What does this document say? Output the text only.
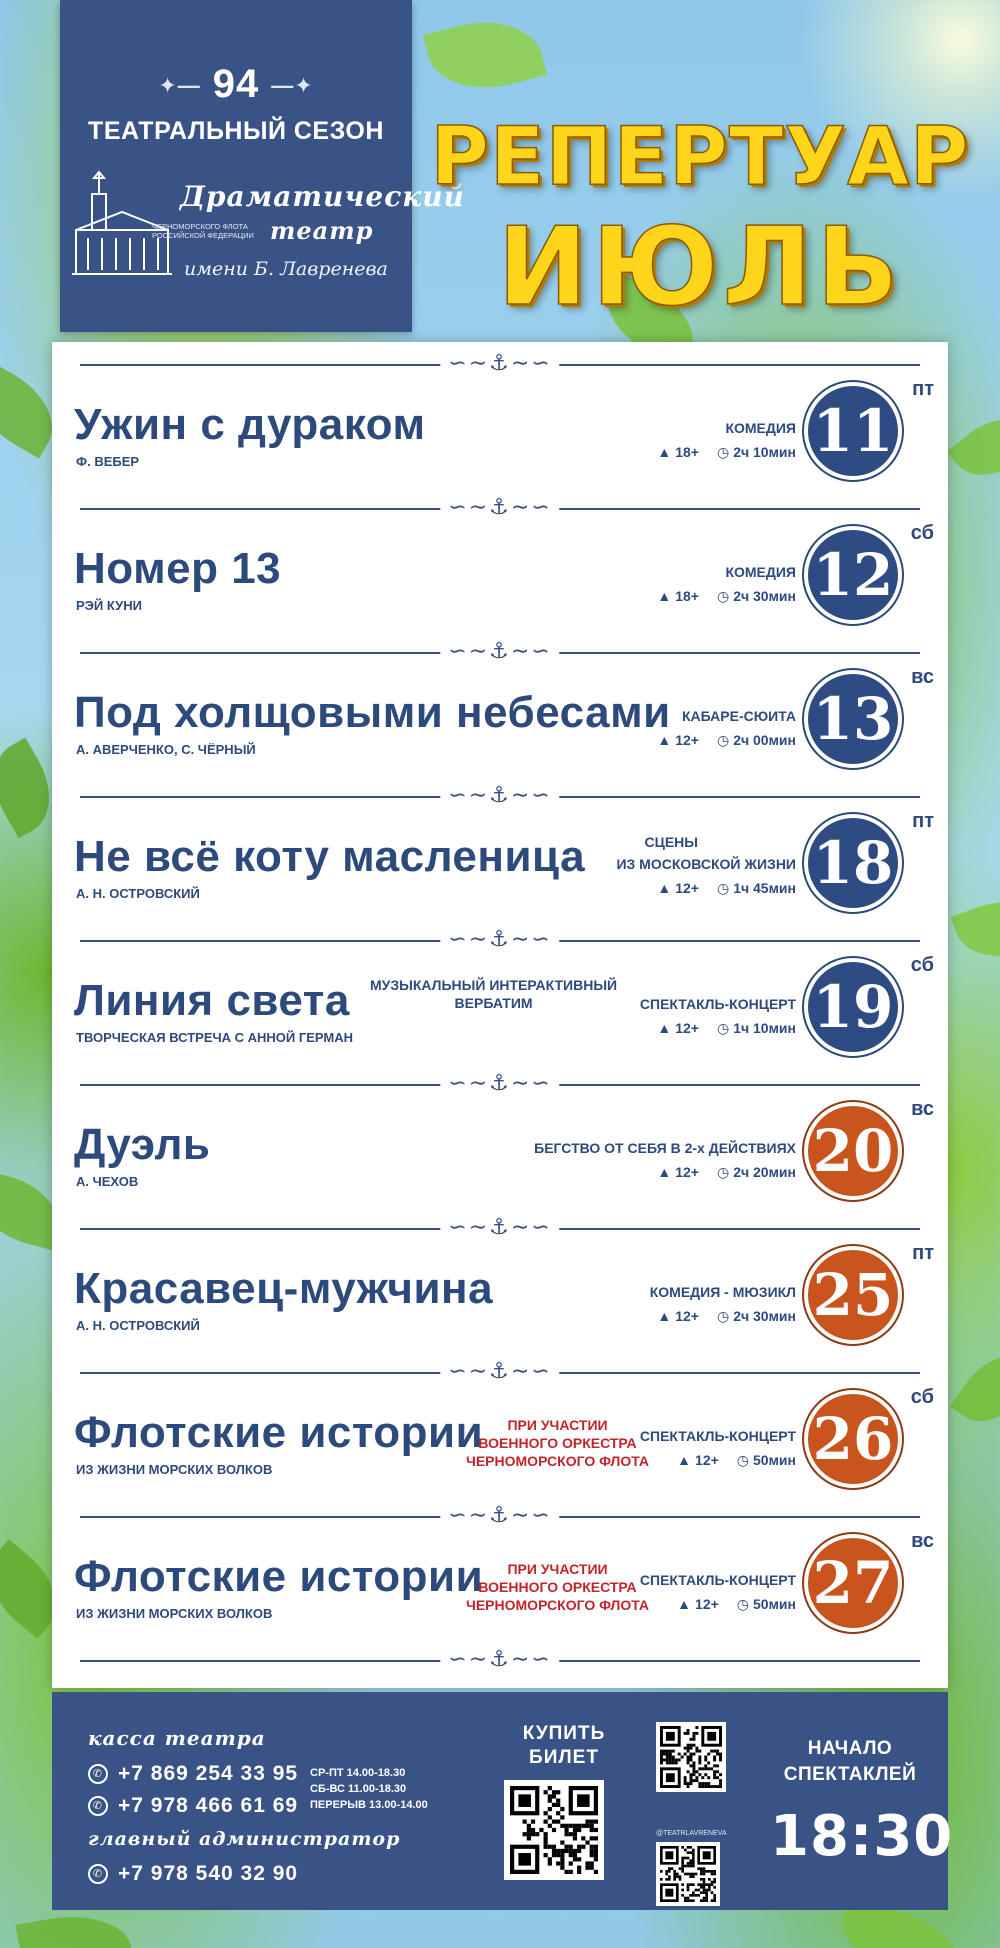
✦― 94 ―✦
ТЕАТРАЛЬНЫЙ СЕЗОН
Драматический
ЧЕРНОМОРСКОГО ФЛОТА РОССИЙСКОЙ ФЕДЕРАЦИИ театр
имени Б. Лавренева
РЕПЕРТУАР
ИЮЛЬ
∽∼⚓∼∽
Ужин с дураком
Ф. ВЕБЕР
КОМЕДИЯ
▲ 18+ ◷ 2ч 10мин 11
пт
∽∼⚓∼∽
Номер 13
РЭЙ КУНИ
КОМЕДИЯ
▲ 18+ ◷ 2ч 30мин 12
сб
∽∼⚓∼∽
Под холщовыми небесами
А. АВЕРЧЕНКО, С. ЧЁРНЫЙ
КАБАРЕ-СЮИТА
▲ 12+ ◷ 2ч 00мин 13
вс
∽∼⚓∼∽
Не всё коту масленица
А. Н. ОСТРОВСКИЙ
СЦЕНЫ
ИЗ МОСКОВСКОЙ ЖИЗНИ
▲ 12+ ◷ 1ч 45мин 18
пт
∽∼⚓∼∽
Линия света
ТВОРЧЕСКАЯ ВСТРЕЧА С АННОЙ ГЕРМАН
СПЕКТАКЛЬ-КОНЦЕРТ
▲ 12+ ◷ 1ч 10мин
МУЗЫКАЛЬНЫЙ ИНТЕРАКТИВНЫЙ
ВЕРБАТИМ	19
сб
∽∼⚓∼∽
Дуэль
А. ЧЕХОВ
БЕГСТВО ОТ СЕБЯ В 2-х ДЕЙСТВИЯХ
▲ 12+ ◷ 2ч 20мин 20
вс
∽∼⚓∼∽
Красавец-мужчина
А. Н. ОСТРОВСКИЙ
КОМЕДИЯ - МЮЗИКЛ
▲ 12+ ◷ 2ч 30мин 25
пт
∽∼⚓∼∽
Флотские истории
ИЗ ЖИЗНИ МОРСКИХ ВОЛКОВ
СПЕКТАКЛЬ-КОНЦЕРТ
▲ 12+ ◷ 50мин
ПРИ УЧАСТИИ
ВОЕННОГО ОРКЕСТРА
ЧЕРНОМОРСКОГО ФЛОТА	26
сб
∽∼⚓∼∽
Флотские истории
ИЗ ЖИЗНИ МОРСКИХ ВОЛКОВ
СПЕКТАКЛЬ-КОНЦЕРТ
▲ 12+ ◷ 50мин
ПРИ УЧАСТИИ
ВОЕННОГО ОРКЕСТРА
ЧЕРНОМОРСКОГО ФЛОТА	27
вс
∽∼⚓∼∽
касса театра
✆ +7 869 254 33 95
✆ +7 978 466 61 69
СР-ПТ 14.00-18.30
СБ-ВС 11.00-18.30
ПЕРЕРЫВ 13.00-14.00
главный администратор
✆ +7 978 540 32 90
КУПИТЬ
БИЛЕТ
@TEATRLAVRENEVA
НАЧАЛО
СПЕКТАКЛЕЙ
18:30
